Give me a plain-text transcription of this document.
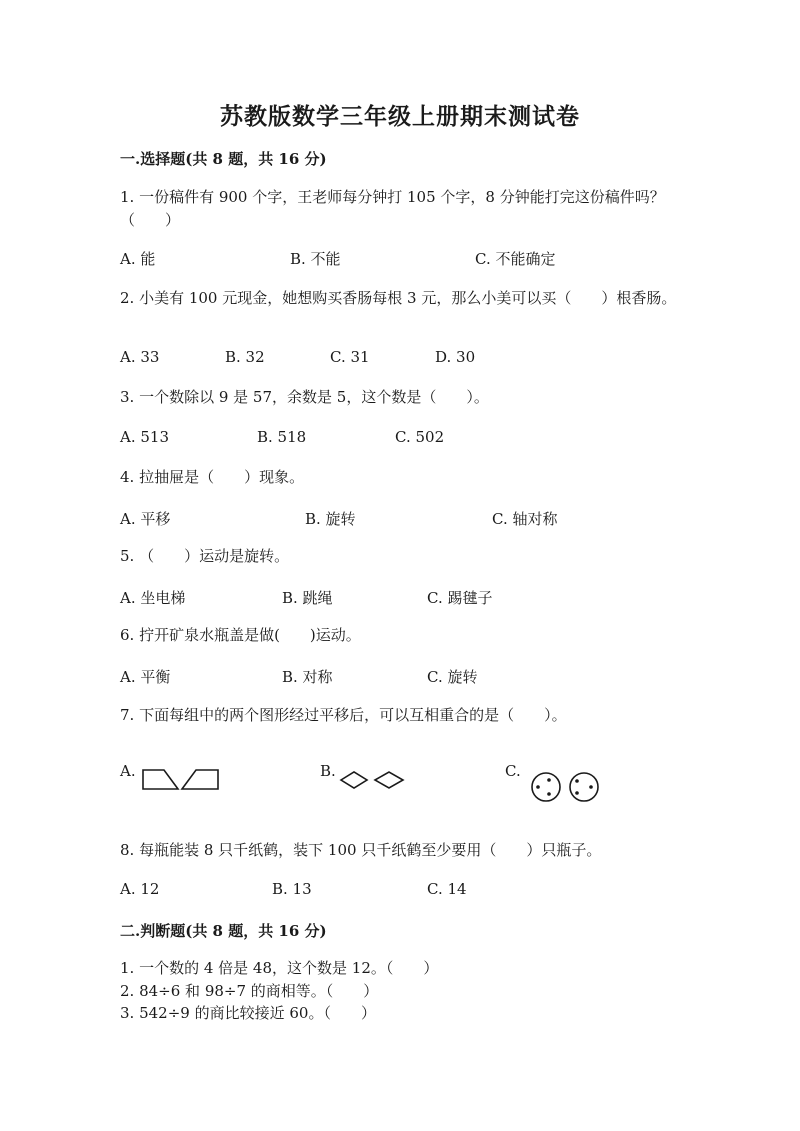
苏教版数学三年级上册期末测试卷
一.选择题(共 8 题，共 16 分)
1. 一份稿件有 900 个字，王老师每分钟打 105 个字，8 分钟能打完这份稿件吗？（　　）
A. 能	B. 不能	C. 不能确定
2. 小美有 100 元现金，她想购买香肠每根 3 元，那么小美可以买（　　）根香肠。
A. 33	B. 32	C. 31	D. 30
3. 一个数除以 9 是 57，余数是 5，这个数是（　　）。
A. 513	B. 518	C. 502
4. 拉抽屉是（　　）现象。
A. 平移	B. 旋转	C. 轴对称
5. （　　）运动是旋转。
A. 坐电梯	B. 跳绳	C. 踢毽子
6. 拧开矿泉水瓶盖是做(　　)运动。
A. 平衡	B. 对称	C. 旋转
7. 下面每组中的两个图形经过平移后，可以互相重合的是（　　）。
A.	B.	C.
8. 每瓶能装 8 只千纸鹤，装下 100 只千纸鹤至少要用（　　）只瓶子。
A. 12	B. 13	C. 14
二.判断题(共 8 题，共 16 分)
1. 一个数的 4 倍是 48，这个数是 12。（　　）
2. 84÷6 和 98÷7 的商相等。（　　）
3. 542÷9 的商比较接近 60。（　　）
